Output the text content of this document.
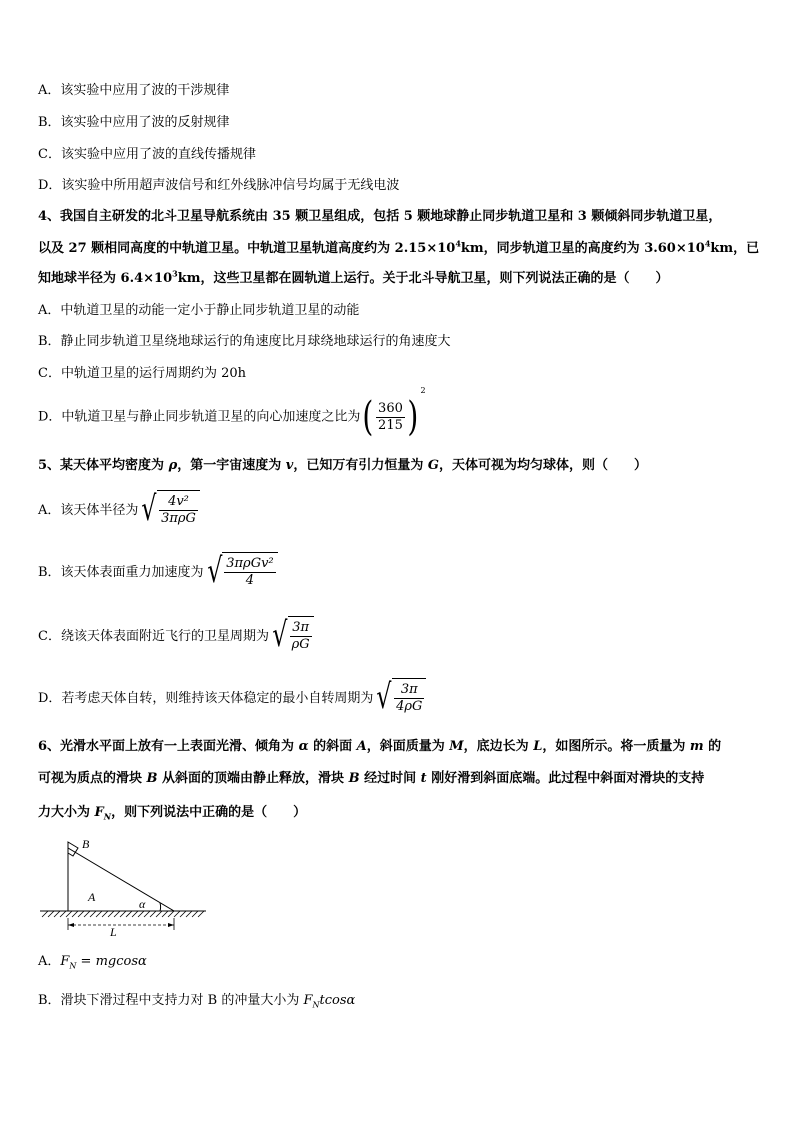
A．该实验中应用了波的干涉规律
B．该实验中应用了波的反射规律
C．该实验中应用了波的直线传播规律
D．该实验中所用超声波信号和红外线脉冲信号均属于无线电波
4、我国自主研发的北斗卫星导航系统由 35 颗卫星组成，包括 5 颗地球静止同步轨道卫星和 3 颗倾斜同步轨道卫星，
以及 27 颗相同高度的中轨道卫星。中轨道卫星轨道高度约为 $2.15\times 10^4km$，同步轨道卫星的高度约为 $3.60\times 10^4km$，已
知地球半径为 $6.4\times 10^3km$，这些卫星都在圆轨道上运行。关于北斗导航卫星，则下列说法正确的是（　　）
A．中轨道卫星的动能一定小于静止同步轨道卫星的动能
B．静止同步轨道卫星绕地球运行的角速度比月球绕地球运行的角速度大
C．中轨道卫星的运行周期约为 20h
D．中轨道卫星与静止同步轨道卫星的向心加速度之比为 ( $\frac{360}{215}$ )
$^2$
5、某天体平均密度为 ρ，第一宇宙速度为 v，已知万有引力恒量为 G，天体可视为均匀球体，则（　　）
A．该天体半径为 √ $\frac{\text{4v²}}{\text{3πρG}}$
B．该天体表面重力加速度为 √ $\frac{\text{3πρGv²}}{4}$
C．绕该天体表面附近飞行的卫星周期为 √ $\frac{3\pi}{\rho G}$
D．若考虑天体自转，则维持该天体稳定的最小自转周期为 √ $\frac{3\pi}{4\rho G}$
6、光滑水平面上放有一上表面光滑、倾角为 α 的斜面 A，斜面质量为 M，底边长为 L，如图所示。将一质量为 m 的
可视为质点的滑块 B 从斜面的顶端由静止释放，滑块 B 经过时间 t 刚好滑到斜面底端。此过程中斜面对滑块的支持
力大小为 $F_N$，则下列说法中正确的是（　　）
B
A	α
L
A．$F_N = mgcos\alpha$
B．滑块下滑过程中支持力对 B 的冲量大小为 $F_Ntcos\alpha$
